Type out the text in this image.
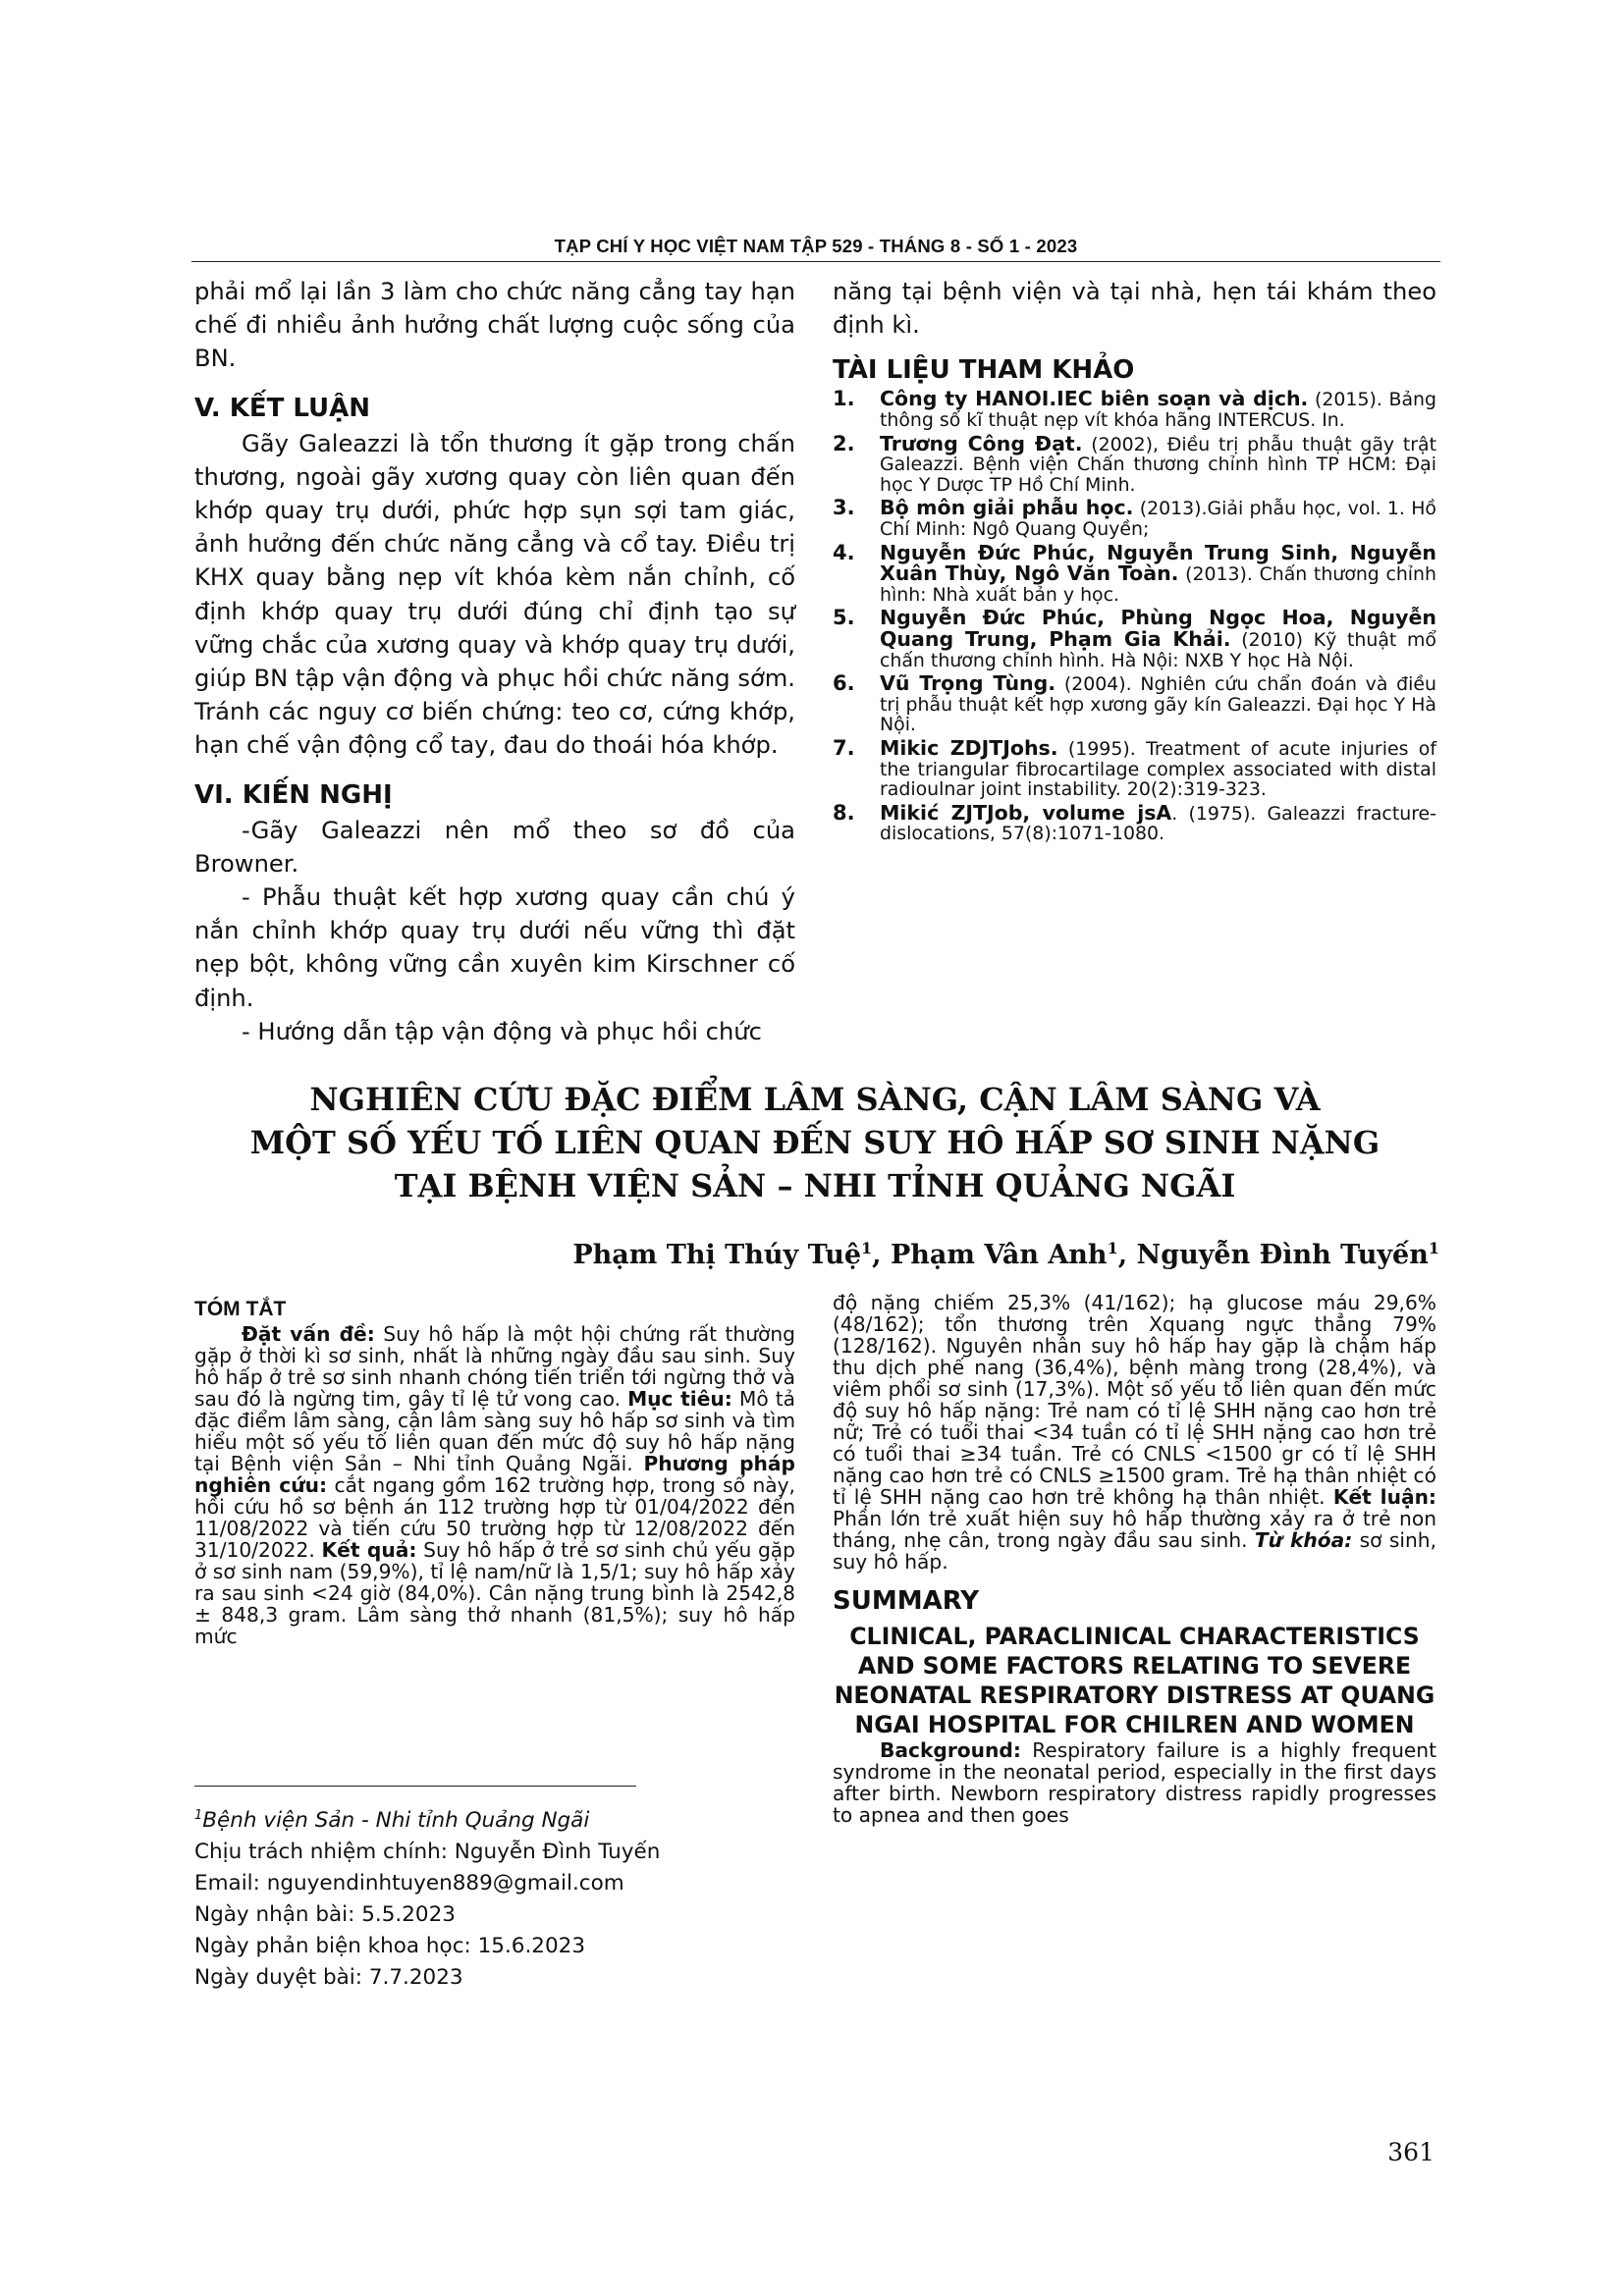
TẠP CHÍ Y HỌC VIỆT NAM TẬP 529 - THÁNG 8 - SỐ 1 - 2023

phải mổ lại lần 3 làm cho chức năng cẳng tay hạn chế đi nhiều ảnh hưởng chất lượng cuộc sống của BN.

V. KẾT LUẬN

Gãy Galeazzi là tổn thương ít gặp trong chấn thương, ngoài gãy xương quay còn liên quan đến khớp quay trụ dưới, phức hợp sụn sợi tam giác, ảnh hưởng đến chức năng cẳng và cổ tay. Điều trị KHX quay bằng nẹp vít khóa kèm nắn chỉnh, cố định khớp quay trụ dưới đúng chỉ định tạo sự vững chắc của xương quay và khớp quay trụ dưới, giúp BN tập vận động và phục hồi chức năng sớm. Tránh các nguy cơ biến chứng: teo cơ, cứng khớp, hạn chế vận động cổ tay, đau do thoái hóa khớp.

VI. KIẾN NGHỊ

-Gãy Galeazzi nên mổ theo sơ đồ của Browner.

- Phẫu thuật kết hợp xương quay cần chú ý nắn chỉnh khớp quay trụ dưới nếu vững thì đặt nẹp bột, không vững cần xuyên kim Kirschner cố định.

- Hướng dẫn tập vận động và phục hồi chức

năng tại bệnh viện và tại nhà, hẹn tái khám theo định kì.

TÀI LIỆU THAM KHẢO
1. Công ty HANOI.IEC biên soạn và dịch. (2015). Bảng thông số kĩ thuật nẹp vít khóa hãng INTERCUS. In.
2. Trương Công Đạt. (2002), Điều trị phẫu thuật gãy trật Galeazzi. Bệnh viện Chấn thương chỉnh hình TP HCM: Đại học Y Dược TP Hồ Chí Minh.
3. Bộ môn giải phẫu học. (2013).Giải phẫu học, vol. 1. Hồ Chí Minh: Ngô Quang Quyền;
4. Nguyễn Đức Phúc, Nguyễn Trung Sinh, Nguyễn Xuân Thùy, Ngô Văn Toàn. (2013). Chấn thương chỉnh hình: Nhà xuất bản y học.
5. Nguyễn Đức Phúc, Phùng Ngọc Hoa, Nguyễn Quang Trung, Phạm Gia Khải. (2010) Kỹ thuật mổ chấn thương chỉnh hình. Hà Nội: NXB Y học Hà Nội.
6. Vũ Trọng Tùng. (2004). Nghiên cứu chẩn đoán và điều trị phẫu thuật kết hợp xương gãy kín Galeazzi. Đại học Y Hà Nội.
7. Mikic ZDJTJohs. (1995). Treatment of acute injuries of the triangular fibrocartilage complex associated with distal radioulnar joint instability. 20(2):319-323.
8. Mikić ZJTJob, volume jsA. (1975). Galeazzi fracture-dislocations, 57(8):1071-1080.
NGHIÊN CỨU ĐẶC ĐIỂM LÂM SÀNG, CẬN LÂM SÀNG VÀ
MỘT SỐ YẾU TỐ LIÊN QUAN ĐẾN SUY HÔ HẤP SƠ SINH NẶNG
TẠI BỆNH VIỆN SẢN – NHI TỈNH QUẢNG NGÃI
Phạm Thị Thúy Tuệ$^1$, Phạm Vân Anh$^1$, Nguyễn Đình Tuyến$^1$
TÓM TẮT

Đặt vấn đề: Suy hô hấp là một hội chứng rất thường gặp ở thời kì sơ sinh, nhất là những ngày đầu sau sinh. Suy hô hấp ở trẻ sơ sinh nhanh chóng tiến triển tới ngừng thở và sau đó là ngừng tim, gây tỉ lệ tử vong cao. Mục tiêu: Mô tả đặc điểm lâm sàng, cận lâm sàng suy hô hấp sơ sinh và tìm hiểu một số yếu tố liên quan đến mức độ suy hô hấp nặng tại Bệnh viện Sản – Nhi tỉnh Quảng Ngãi. Phương pháp nghiên cứu: cắt ngang gồm 162 trường hợp, trong số này, hồi cứu hồ sơ bệnh án 112 trường hợp từ 01/04/2022 đến 11/08/2022 và tiến cứu 50 trường hợp từ 12/08/2022 đến 31/10/2022. Kết quả: Suy hô hấp ở trẻ sơ sinh chủ yếu gặp ở sơ sinh nam (59,9%), tỉ lệ nam/nữ là 1,5/1; suy hô hấp xảy ra sau sinh <24 giờ (84,0%). Cân nặng trung bình là 2542,8 ± 848,3 gram. Lâm sàng thở nhanh (81,5%); suy hô hấp mức

độ nặng chiếm 25,3% (41/162); hạ glucose máu 29,6% (48/162); tổn thương trên Xquang ngực thẳng 79% (128/162). Nguyên nhân suy hô hấp hay gặp là chậm hấp thu dịch phế nang (36,4%), bệnh màng trong (28,4%), và viêm phổi sơ sinh (17,3%). Một số yếu tố liên quan đến mức độ suy hô hấp nặng: Trẻ nam có tỉ lệ SHH nặng cao hơn trẻ nữ; Trẻ có tuổi thai <34 tuần có tỉ lệ SHH nặng cao hơn trẻ có tuổi thai ≥34 tuần. Trẻ có CNLS <1500 gr có tỉ lệ SHH nặng cao hơn trẻ có CNLS ≥1500 gram. Trẻ hạ thân nhiệt có tỉ lệ SHH nặng cao hơn trẻ không hạ thân nhiệt. Kết luận: Phần lớn trẻ xuất hiện suy hô hấp thường xảy ra ở trẻ non tháng, nhẹ cân, trong ngày đầu sau sinh. Từ khóa: sơ sinh, suy hô hấp.

SUMMARY
CLINICAL, PARACLINICAL CHARACTERISTICS AND SOME FACTORS RELATING TO SEVERE NEONATAL RESPIRATORY DISTRESS AT QUANG NGAI HOSPITAL FOR CHILREN AND WOMEN

Background: Respiratory failure is a highly frequent syndrome in the neonatal period, especially in the first days after birth. Newborn respiratory distress rapidly progresses to apnea and then goes

$^1$Bệnh viện Sản - Nhi tỉnh Quảng Ngãi
Chịu trách nhiệm chính: Nguyễn Đình Tuyến
Email: nguyendinhtuyen889@gmail.com
Ngày nhận bài: 5.5.2023
Ngày phản biện khoa học: 15.6.2023
Ngày duyệt bài: 7.7.2023
361
